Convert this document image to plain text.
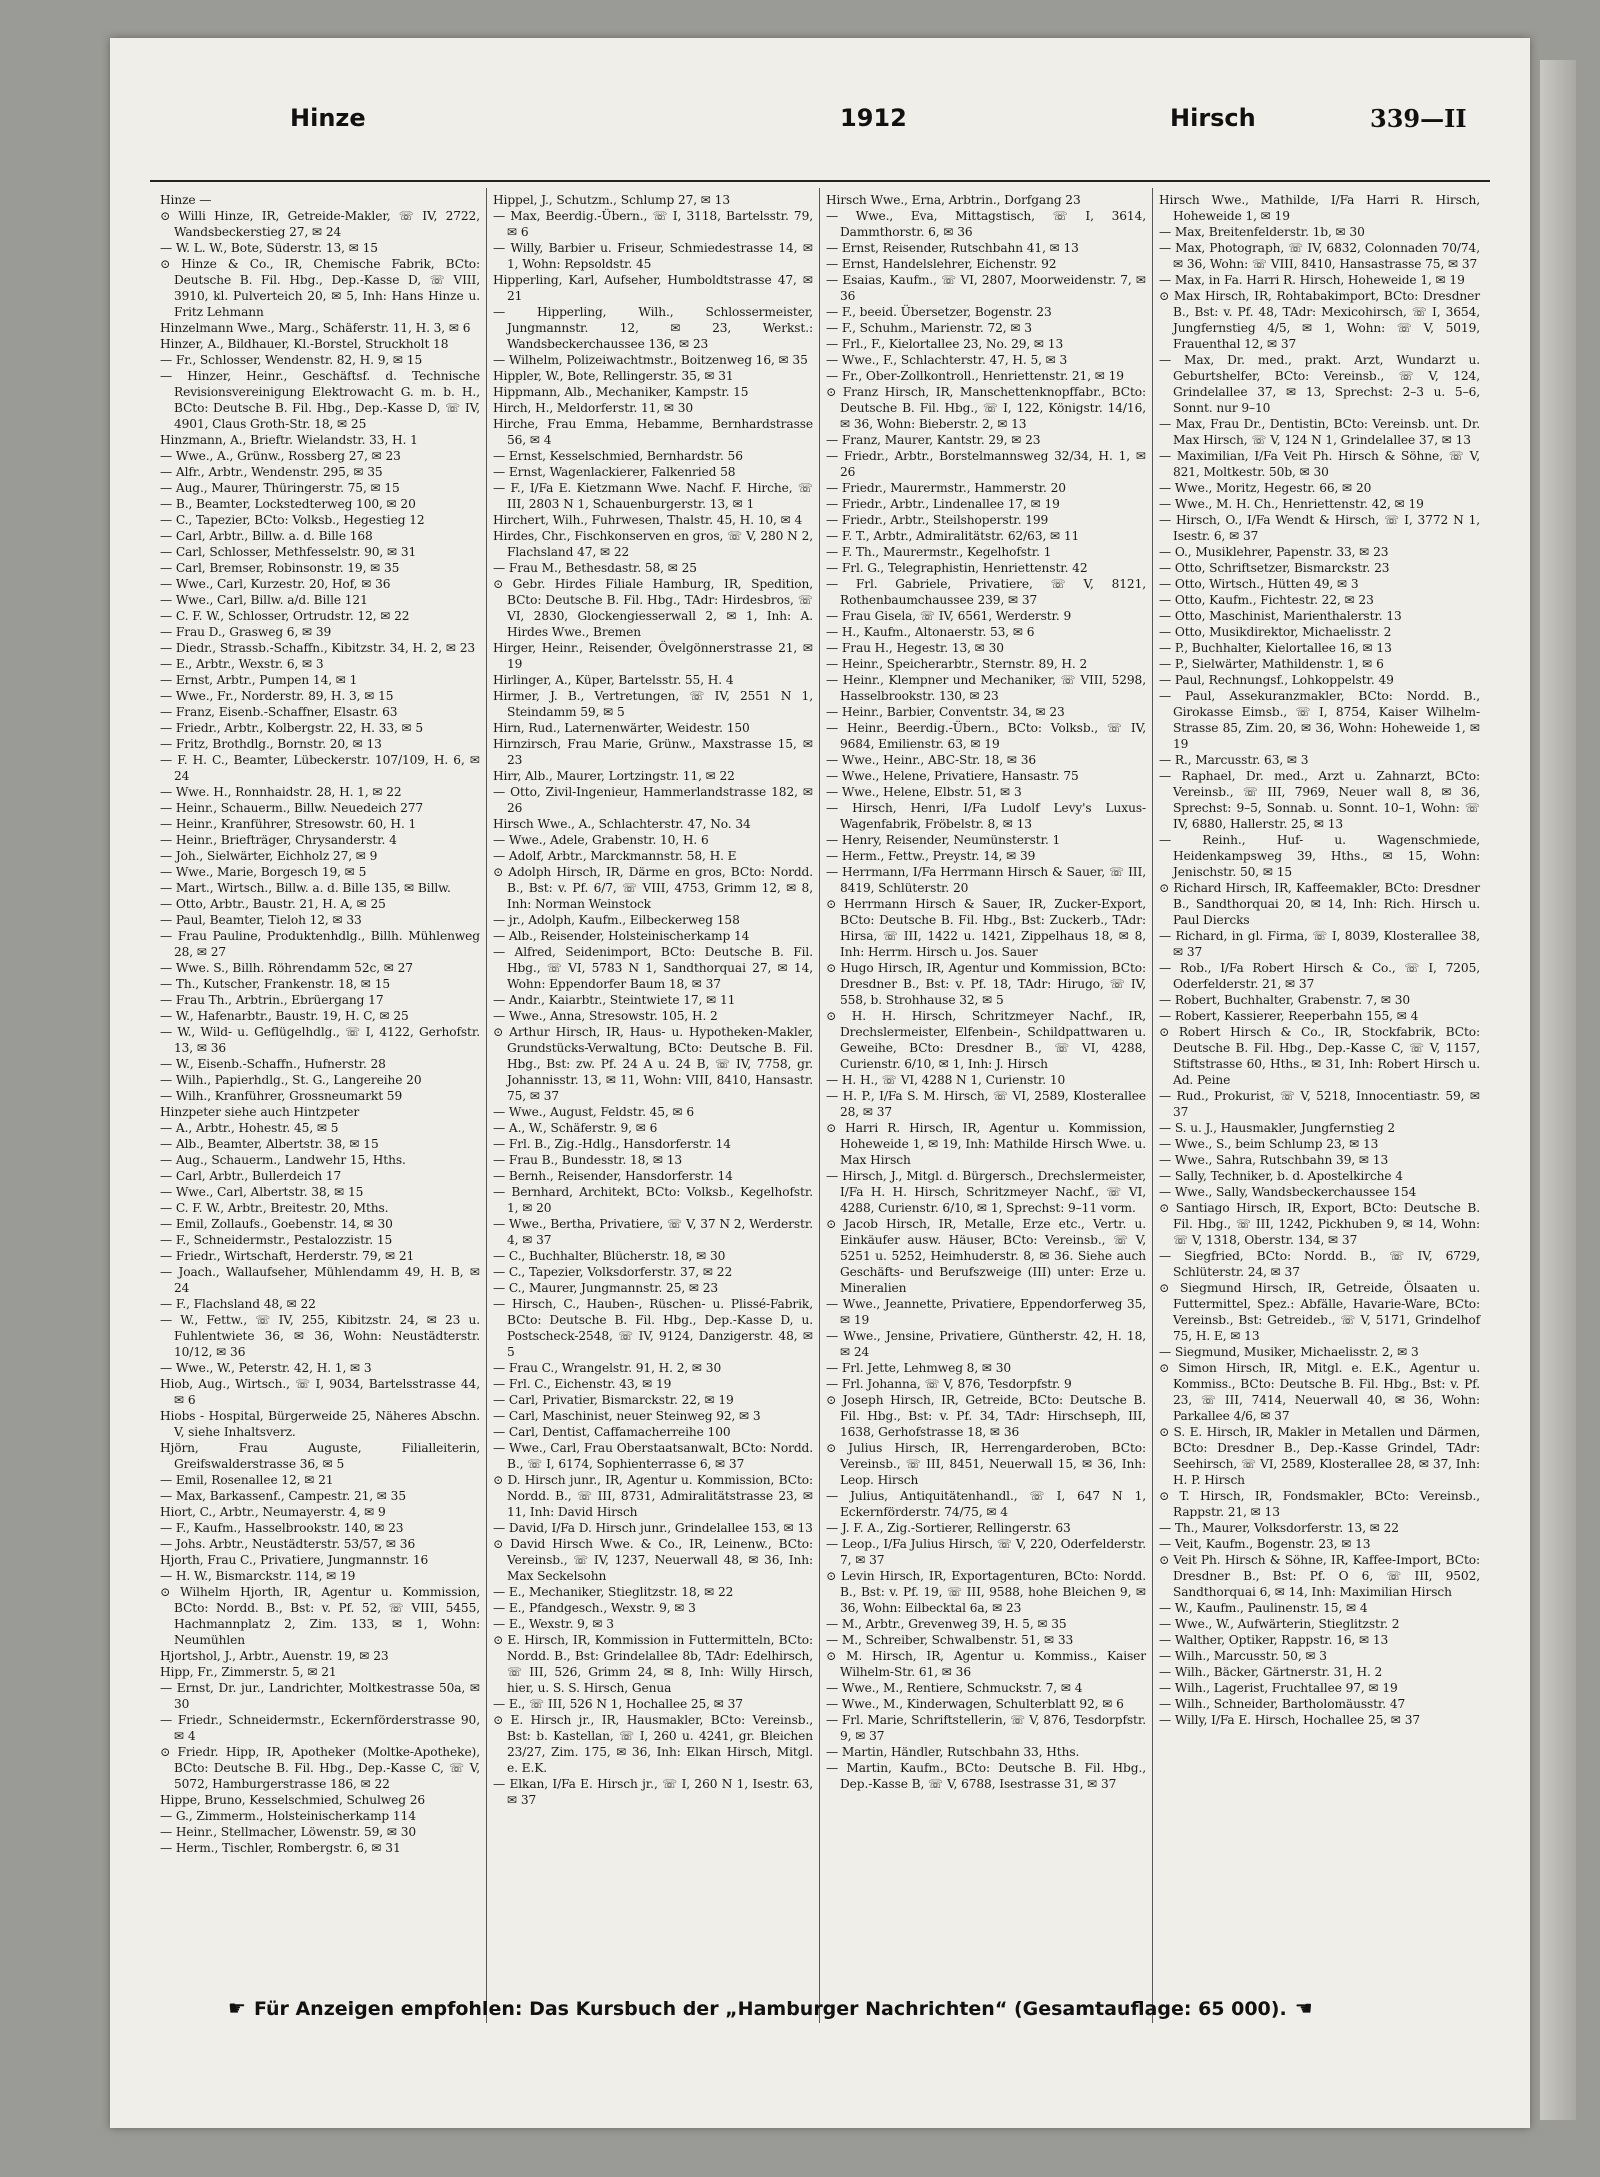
Hinze	1912	Hirsch	339—II

Hinze —

⊙ Willi Hinze, IR, Getreide-Makler, ☏ IV, 2722, Wandsbeckerstieg 27, ✉ 24

— W. L. W., Bote, Süderstr. 13, ✉ 15

⊙ Hinze & Co., IR, Chemische Fabrik, BCto: Deutsche B. Fil. Hbg., Dep.-Kasse D, ☏ VIII, 3910, kl. Pulverteich 20, ✉ 5, Inh: Hans Hinze u. Fritz Lehmann

Hinzelmann Wwe., Marg., Schäferstr. 11, H. 3, ✉ 6

Hinzer, A., Bildhauer, Kl.-Borstel, Struckholt 18

— Fr., Schlosser, Wendenstr. 82, H. 9, ✉ 15

— Hinzer, Heinr., Geschäftsf. d. Technische Revisionsvereinigung Elektrowacht G. m. b. H., BCto: Deutsche B. Fil. Hbg., Dep.-Kasse D, ☏ IV, 4901, Claus Groth-Str. 18, ✉ 25

Hinzmann, A., Brieftr. Wielandstr. 33, H. 1

— Wwe., A., Grünw., Rossberg 27, ✉ 23

— Alfr., Arbtr., Wendenstr. 295, ✉ 35

— Aug., Maurer, Thüringerstr. 75, ✉ 15

— B., Beamter, Lockstedterweg 100, ✉ 20

— C., Tapezier, BCto: Volksb., Hegestieg 12

— Carl, Arbtr., Billw. a. d. Bille 168

— Carl, Schlosser, Methfesselstr. 90, ✉ 31

— Carl, Bremser, Robinsonstr. 19, ✉ 35

— Wwe., Carl, Kurzestr. 20, Hof, ✉ 36

— Wwe., Carl, Billw. a/d. Bille 121

— C. F. W., Schlosser, Ortrudstr. 12, ✉ 22

— Frau D., Grasweg 6, ✉ 39

— Diedr., Strassb.-Schaffn., Kibitzstr. 34, H. 2, ✉ 23

— E., Arbtr., Wexstr. 6, ✉ 3

— Ernst, Arbtr., Pumpen 14, ✉ 1

— Wwe., Fr., Norderstr. 89, H. 3, ✉ 15

— Franz, Eisenb.-Schaffner, Elsastr. 63

— Friedr., Arbtr., Kolbergstr. 22, H. 33, ✉ 5

— Fritz, Brothdlg., Bornstr. 20, ✉ 13

— F. H. C., Beamter, Lübeckerstr. 107/109, H. 6, ✉ 24

— Wwe. H., Ronnhaidstr. 28, H. 1, ✉ 22

— Heinr., Schauerm., Billw. Neuedeich 277

— Heinr., Kranführer, Stresowstr. 60, H. 1

— Heinr., Briefträger, Chrysanderstr. 4

— Joh., Sielwärter, Eichholz 27, ✉ 9

— Wwe., Marie, Borgesch 19, ✉ 5

— Mart., Wirtsch., Billw. a. d. Bille 135, ✉ Billw.

— Otto, Arbtr., Baustr. 21, H. A, ✉ 25

— Paul, Beamter, Tieloh 12, ✉ 33

— Frau Pauline, Produktenhdlg., Billh. Mühlenweg 28, ✉ 27

— Wwe. S., Billh. Röhrendamm 52c, ✉ 27

— Th., Kutscher, Frankenstr. 18, ✉ 15

— Frau Th., Arbtrin., Ebrüergang 17

— W., Hafenarbtr., Baustr. 19, H. C, ✉ 25

— W., Wild- u. Geflügelhdlg., ☏ I, 4122, Gerhofstr. 13, ✉ 36

— W., Eisenb.-Schaffn., Hufnerstr. 28

— Wilh., Papierhdlg., St. G., Langereihe 20

— Wilh., Kranführer, Grossneumarkt 59

Hinzpeter siehe auch Hintzpeter

— A., Arbtr., Hohestr. 45, ✉ 5

— Alb., Beamter, Albertstr. 38, ✉ 15

— Aug., Schauerm., Landwehr 15, Hths.

— Carl, Arbtr., Bullerdeich 17

— Wwe., Carl, Albertstr. 38, ✉ 15

— C. F. W., Arbtr., Breitestr. 20, Mths.

— Emil, Zollaufs., Goebenstr. 14, ✉ 30

— F., Schneidermstr., Pestalozzistr. 15

— Friedr., Wirtschaft, Herderstr. 79, ✉ 21

— Joach., Wallaufseher, Mühlendamm 49, H. B, ✉ 24

— F., Flachsland 48, ✉ 22

— W., Fettw., ☏ IV, 255, Kibitzstr. 24, ✉ 23 u. Fuhlentwiete 36, ✉ 36, Wohn: Neustädterstr. 10/12, ✉ 36

— Wwe., W., Peterstr. 42, H. 1, ✉ 3

Hiob, Aug., Wirtsch., ☏ I, 9034, Bartelsstrasse 44, ✉ 6

Hiobs - Hospital, Bürgerweide 25, Näheres Abschn. V, siehe Inhaltsverz.

Hjörn, Frau Auguste, Filialleiterin, Greifswalderstrasse 36, ✉ 5

— Emil, Rosenallee 12, ✉ 21

— Max, Barkassenf., Campestr. 21, ✉ 35

Hiort, C., Arbtr., Neumayerstr. 4, ✉ 9

— F., Kaufm., Hasselbrookstr. 140, ✉ 23

— Johs. Arbtr., Neustädterstr. 53/57, ✉ 36

Hjorth, Frau C., Privatiere, Jungmannstr. 16

— H. W., Bismarckstr. 114, ✉ 19

⊙ Wilhelm Hjorth, IR, Agentur u. Kommission, BCto: Nordd. B., Bst: v. Pf. 52, ☏ VIII, 5455, Hachmannplatz 2, Zim. 133, ✉ 1, Wohn: Neumühlen

Hjortshol, J., Arbtr., Auenstr. 19, ✉ 23

Hipp, Fr., Zimmerstr. 5, ✉ 21

— Ernst, Dr. jur., Landrichter, Moltkestrasse 50a, ✉ 30

— Friedr., Schneidermstr., Eckernförderstrasse 90, ✉ 4

⊙ Friedr. Hipp, IR, Apotheker (Moltke-Apotheke), BCto: Deutsche B. Fil. Hbg., Dep.-Kasse C, ☏ V, 5072, Hamburgerstrasse 186, ✉ 22

Hippe, Bruno, Kesselschmied, Schulweg 26

— G., Zimmerm., Holsteinischerkamp 114

— Heinr., Stellmacher, Löwenstr. 59, ✉ 30

— Herm., Tischler, Rombergstr. 6, ✉ 31

Hippel, J., Schutzm., Schlump 27, ✉ 13

— Max, Beerdig.-Übern., ☏ I, 3118, Bartelsstr. 79, ✉ 6

— Willy, Barbier u. Friseur, Schmiedestrasse 14, ✉ 1, Wohn: Repsoldstr. 45

Hipperling, Karl, Aufseher, Humboldtstrasse 47, ✉ 21

— Hipperling, Wilh., Schlossermeister, Jungmannstr. 12, ✉ 23, Werkst.: Wandsbeckerchaussee 136, ✉ 23

— Wilhelm, Polizeiwachtmstr., Boitzenweg 16, ✉ 35

Hippler, W., Bote, Rellingerstr. 35, ✉ 31

Hippmann, Alb., Mechaniker, Kampstr. 15

Hirch, H., Meldorferstr. 11, ✉ 30

Hirche, Frau Emma, Hebamme, Bernhardstrasse 56, ✉ 4

— Ernst, Kesselschmied, Bernhardstr. 56

— Ernst, Wagenlackierer, Falkenried 58

— F., I/Fa E. Kietzmann Wwe. Nachf. F. Hirche, ☏ III, 2803 N 1, Schauenburgerstr. 13, ✉ 1

Hirchert, Wilh., Fuhrwesen, Thalstr. 45, H. 10, ✉ 4

Hirdes, Chr., Fischkonserven en gros, ☏ V, 280 N 2, Flachsland 47, ✉ 22

— Frau M., Bethesdastr. 58, ✉ 25

⊙ Gebr. Hirdes Filiale Hamburg, IR, Spedition, BCto: Deutsche B. Fil. Hbg., TAdr: Hirdesbros, ☏ VI, 2830, Glockengiesserwall 2, ✉ 1, Inh: A. Hirdes Wwe., Bremen

Hirger, Heinr., Reisender, Övelgönnerstrasse 21, ✉ 19

Hirlinger, A., Küper, Bartelsstr. 55, H. 4

Hirmer, J. B., Vertretungen, ☏ IV, 2551 N 1, Steindamm 59, ✉ 5

Hirn, Rud., Laternenwärter, Weidestr. 150

Hirnzirsch, Frau Marie, Grünw., Maxstrasse 15, ✉ 23

Hirr, Alb., Maurer, Lortzingstr. 11, ✉ 22

— Otto, Zivil-Ingenieur, Hammerlandstrasse 182, ✉ 26

Hirsch Wwe., A., Schlachterstr. 47, No. 34

— Wwe., Adele, Grabenstr. 10, H. 6

— Adolf, Arbtr., Marckmannstr. 58, H. E

⊙ Adolph Hirsch, IR, Därme en gros, BCto: Nordd. B., Bst: v. Pf. 6/7, ☏ VIII, 4753, Grimm 12, ✉ 8, Inh: Norman Weinstock

— jr., Adolph, Kaufm., Eilbeckerweg 158

— Alb., Reisender, Holsteinischerkamp 14

— Alfred, Seidenimport, BCto: Deutsche B. Fil. Hbg., ☏ VI, 5783 N 1, Sandthorquai 27, ✉ 14, Wohn: Eppendorfer Baum 18, ✉ 37

— Andr., Kaiarbtr., Steintwiete 17, ✉ 11

— Wwe., Anna, Stresowstr. 105, H. 2

⊙ Arthur Hirsch, IR, Haus- u. Hypotheken-Makler, Grundstücks-Verwaltung, BCto: Deutsche B. Fil. Hbg., Bst: zw. Pf. 24 A u. 24 B, ☏ IV, 7758, gr. Johannisstr. 13, ✉ 11, Wohn: VIII, 8410, Hansastr. 75, ✉ 37

— Wwe., August, Feldstr. 45, ✉ 6

— A., W., Schäferstr. 9, ✉ 6

— Frl. B., Zig.-Hdlg., Hansdorferstr. 14

— Frau B., Bundesstr. 18, ✉ 13

— Bernh., Reisender, Hansdorferstr. 14

— Bernhard, Architekt, BCto: Volksb., Kegelhofstr. 1, ✉ 20

— Wwe., Bertha, Privatiere, ☏ V, 37 N 2, Werderstr. 4, ✉ 37

— C., Buchhalter, Blücherstr. 18, ✉ 30

— C., Tapezier, Volksdorferstr. 37, ✉ 22

— C., Maurer, Jungmannstr. 25, ✉ 23

— Hirsch, C., Hauben-, Rüschen- u. Plissé-Fabrik, BCto: Deutsche B. Fil. Hbg., Dep.-Kasse D, u. Postscheck-2548, ☏ IV, 9124, Danzigerstr. 48, ✉ 5

— Frau C., Wrangelstr. 91, H. 2, ✉ 30

— Frl. C., Eichenstr. 43, ✉ 19

— Carl, Privatier, Bismarckstr. 22, ✉ 19

— Carl, Maschinist, neuer Steinweg 92, ✉ 3

— Carl, Dentist, Caffamacherreihe 100

— Wwe., Carl, Frau Oberstaatsanwalt, BCto: Nordd. B., ☏ I, 6174, Sophienterrasse 6, ✉ 37

⊙ D. Hirsch junr., IR, Agentur u. Kommission, BCto: Nordd. B., ☏ III, 8731, Admiralitätstrasse 23, ✉ 11, Inh: David Hirsch

— David, I/Fa D. Hirsch junr., Grindelallee 153, ✉ 13

⊙ David Hirsch Wwe. & Co., IR, Leinenw., BCto: Vereinsb., ☏ IV, 1237, Neuerwall 48, ✉ 36, Inh: Max Seckelsohn

— E., Mechaniker, Stieglitzstr. 18, ✉ 22

— E., Pfandgesch., Wexstr. 9, ✉ 3

— E., Wexstr. 9, ✉ 3

⊙ E. Hirsch, IR, Kommission in Futtermitteln, BCto: Nordd. B., Bst: Grindelallee 8b, TAdr: Edelhirsch, ☏ III, 526, Grimm 24, ✉ 8, Inh: Willy Hirsch, hier, u. S. S. Hirsch, Genua

— E., ☏ III, 526 N 1, Hochallee 25, ✉ 37

⊙ E. Hirsch jr., IR, Hausmakler, BCto: Vereinsb., Bst: b. Kastellan, ☏ I, 260 u. 4241, gr. Bleichen 23/27, Zim. 175, ✉ 36, Inh: Elkan Hirsch, Mitgl. e. E.K.

— Elkan, I/Fa E. Hirsch jr., ☏ I, 260 N 1, Isestr. 63, ✉ 37

Hirsch Wwe., Erna, Arbtrin., Dorfgang 23

— Wwe., Eva, Mittagstisch, ☏ I, 3614, Dammthorstr. 6, ✉ 36

— Ernst, Reisender, Rutschbahn 41, ✉ 13

— Ernst, Handelslehrer, Eichenstr. 92

— Esaias, Kaufm., ☏ VI, 2807, Moorweidenstr. 7, ✉ 36

— F., beeid. Übersetzer, Bogenstr. 23

— F., Schuhm., Marienstr. 72, ✉ 3

— Frl., F., Kielortallee 23, No. 29, ✉ 13

— Wwe., F., Schlachterstr. 47, H. 5, ✉ 3

— Fr., Ober-Zollkontroll., Henriettenstr. 21, ✉ 19

⊙ Franz Hirsch, IR, Manschettenknopffabr., BCto: Deutsche B. Fil. Hbg., ☏ I, 122, Königstr. 14/16, ✉ 36, Wohn: Bieberstr. 2, ✉ 13

— Franz, Maurer, Kantstr. 29, ✉ 23

— Friedr., Arbtr., Borstelmannsweg 32/34, H. 1, ✉ 26

— Friedr., Maurermstr., Hammerstr. 20

— Friedr., Arbtr., Lindenallee 17, ✉ 19

— Friedr., Arbtr., Steilshoperstr. 199

— F. T., Arbtr., Admiralitätstr. 62/63, ✉ 11

— F. Th., Maurermstr., Kegelhofstr. 1

— Frl. G., Telegraphistin, Henriettenstr. 42

— Frl. Gabriele, Privatiere, ☏ V, 8121, Rothenbaumchaussee 239, ✉ 37

— Frau Gisela, ☏ IV, 6561, Werderstr. 9

— H., Kaufm., Altonaerstr. 53, ✉ 6

— Frau H., Hegestr. 13, ✉ 30

— Heinr., Speicherarbtr., Sternstr. 89, H. 2

— Heinr., Klempner und Mechaniker, ☏ VIII, 5298, Hasselbrookstr. 130, ✉ 23

— Heinr., Barbier, Conventstr. 34, ✉ 23

— Heinr., Beerdig.-Übern., BCto: Volksb., ☏ IV, 9684, Emilienstr. 63, ✉ 19

— Wwe., Heinr., ABC-Str. 18, ✉ 36

— Wwe., Helene, Privatiere, Hansastr. 75

— Wwe., Helene, Elbstr. 51, ✉ 3

— Hirsch, Henri, I/Fa Ludolf Levy's Luxus-Wagenfabrik, Fröbelstr. 8, ✉ 13

— Henry, Reisender, Neumünsterstr. 1

— Herm., Fettw., Preystr. 14, ✉ 39

— Herrmann, I/Fa Herrmann Hirsch & Sauer, ☏ III, 8419, Schlüterstr. 20

⊙ Herrmann Hirsch & Sauer, IR, Zucker-Export, BCto: Deutsche B. Fil. Hbg., Bst: Zuckerb., TAdr: Hirsa, ☏ III, 1422 u. 1421, Zippelhaus 18, ✉ 8, Inh: Herrm. Hirsch u. Jos. Sauer

⊙ Hugo Hirsch, IR, Agentur und Kommission, BCto: Dresdner B., Bst: v. Pf. 18, TAdr: Hirugo, ☏ IV, 558, b. Strohhause 32, ✉ 5

⊙ H. H. Hirsch, Schritzmeyer Nachf., IR, Drechslermeister, Elfenbein-, Schildpattwaren u. Geweihe, BCto: Dresdner B., ☏ VI, 4288, Curienstr. 6/10, ✉ 1, Inh: J. Hirsch

— H. H., ☏ VI, 4288 N 1, Curienstr. 10

— H. P., I/Fa S. M. Hirsch, ☏ VI, 2589, Klosterallee 28, ✉ 37

⊙ Harri R. Hirsch, IR, Agentur u. Kommission, Hoheweide 1, ✉ 19, Inh: Mathilde Hirsch Wwe. u. Max Hirsch

— Hirsch, J., Mitgl. d. Bürgersch., Drechslermeister, I/Fa H. H. Hirsch, Schritzmeyer Nachf., ☏ VI, 4288, Curienstr. 6/10, ✉ 1, Sprechst: 9–11 vorm.

⊙ Jacob Hirsch, IR, Metalle, Erze etc., Vertr. u. Einkäufer ausw. Häuser, BCto: Vereinsb., ☏ V, 5251 u. 5252, Heimhuderstr. 8, ✉ 36. Siehe auch Geschäfts- und Berufszweige (III) unter: Erze u. Mineralien

— Wwe., Jeannette, Privatiere, Eppendorferweg 35, ✉ 19

— Wwe., Jensine, Privatiere, Güntherstr. 42, H. 18, ✉ 24

— Frl. Jette, Lehmweg 8, ✉ 30

— Frl. Johanna, ☏ V, 876, Tesdorpfstr. 9

⊙ Joseph Hirsch, IR, Getreide, BCto: Deutsche B. Fil. Hbg., Bst: v. Pf. 34, TAdr: Hirschseph, III, 1638, Gerhofstrasse 18, ✉ 36

⊙ Julius Hirsch, IR, Herrengarderoben, BCto: Vereinsb., ☏ III, 8451, Neuerwall 15, ✉ 36, Inh: Leop. Hirsch

— Julius, Antiquitätenhandl., ☏ I, 647 N 1, Eckernförderstr. 74/75, ✉ 4

— J. F. A., Zig.-Sortierer, Rellingerstr. 63

— Leop., I/Fa Julius Hirsch, ☏ V, 220, Oderfelderstr. 7, ✉ 37

⊙ Levin Hirsch, IR, Exportagenturen, BCto: Nordd. B., Bst: v. Pf. 19, ☏ III, 9588, hohe Bleichen 9, ✉ 36, Wohn: Eilbecktal 6a, ✉ 23

— M., Arbtr., Grevenweg 39, H. 5, ✉ 35

— M., Schreiber, Schwalbenstr. 51, ✉ 33

⊙ M. Hirsch, IR, Agentur u. Kommiss., Kaiser Wilhelm-Str. 61, ✉ 36

— Wwe., M., Rentiere, Schmuckstr. 7, ✉ 4

— Wwe., M., Kinderwagen, Schulterblatt 92, ✉ 6

— Frl. Marie, Schriftstellerin, ☏ V, 876, Tesdorpfstr. 9, ✉ 37

— Martin, Händler, Rutschbahn 33, Hths.

— Martin, Kaufm., BCto: Deutsche B. Fil. Hbg., Dep.-Kasse B, ☏ V, 6788, Isestrasse 31, ✉ 37

Hirsch Wwe., Mathilde, I/Fa Harri R. Hirsch, Hoheweide 1, ✉ 19

— Max, Breitenfelderstr. 1b, ✉ 30

— Max, Photograph, ☏ IV, 6832, Colonnaden 70/74, ✉ 36, Wohn: ☏ VIII, 8410, Hansastrasse 75, ✉ 37

— Max, in Fa. Harri R. Hirsch, Hoheweide 1, ✉ 19

⊙ Max Hirsch, IR, Rohtabakimport, BCto: Dresdner B., Bst: v. Pf. 48, TAdr: Mexicohirsch, ☏ I, 3654, Jungfernstieg 4/5, ✉ 1, Wohn: ☏ V, 5019, Frauenthal 12, ✉ 37

— Max, Dr. med., prakt. Arzt, Wundarzt u. Geburtshelfer, BCto: Vereinsb., ☏ V, 124, Grindelallee 37, ✉ 13, Sprechst: 2–3 u. 5–6, Sonnt. nur 9–10

— Max, Frau Dr., Dentistin, BCto: Vereinsb. unt. Dr. Max Hirsch, ☏ V, 124 N 1, Grindelallee 37, ✉ 13

— Maximilian, I/Fa Veit Ph. Hirsch & Söhne, ☏ V, 821, Moltkestr. 50b, ✉ 30

— Wwe., Moritz, Hegestr. 66, ✉ 20

— Wwe., M. H. Ch., Henriettenstr. 42, ✉ 19

— Hirsch, O., I/Fa Wendt & Hirsch, ☏ I, 3772 N 1, Isestr. 6, ✉ 37

— O., Musiklehrer, Papenstr. 33, ✉ 23

— Otto, Schriftsetzer, Bismarckstr. 23

— Otto, Wirtsch., Hütten 49, ✉ 3

— Otto, Kaufm., Fichtestr. 22, ✉ 23

— Otto, Maschinist, Marienthalerstr. 13

— Otto, Musikdirektor, Michaelisstr. 2

— P., Buchhalter, Kielortallee 16, ✉ 13

— P., Sielwärter, Mathildenstr. 1, ✉ 6

— Paul, Rechnungsf., Lohkoppelstr. 49

— Paul, Assekuranzmakler, BCto: Nordd. B., Girokasse Eimsb., ☏ I, 8754, Kaiser Wilhelm-Strasse 85, Zim. 20, ✉ 36, Wohn: Hoheweide 1, ✉ 19

— R., Marcusstr. 63, ✉ 3

— Raphael, Dr. med., Arzt u. Zahnarzt, BCto: Vereinsb., ☏ III, 7969, Neuer wall 8, ✉ 36, Sprechst: 9–5, Sonnab. u. Sonnt. 10–1, Wohn: ☏ IV, 6880, Hallerstr. 25, ✉ 13

— Reinh., Huf- u. Wagenschmiede, Heidenkampsweg 39, Hths., ✉ 15, Wohn: Jenischstr. 50, ✉ 15

⊙ Richard Hirsch, IR, Kaffeemakler, BCto: Dresdner B., Sandthorquai 20, ✉ 14, Inh: Rich. Hirsch u. Paul Diercks

— Richard, in gl. Firma, ☏ I, 8039, Klosterallee 38, ✉ 37

— Rob., I/Fa Robert Hirsch & Co., ☏ I, 7205, Oderfelderstr. 21, ✉ 37

— Robert, Buchhalter, Grabenstr. 7, ✉ 30

— Robert, Kassierer, Reeperbahn 155, ✉ 4

⊙ Robert Hirsch & Co., IR, Stockfabrik, BCto: Deutsche B. Fil. Hbg., Dep.-Kasse C, ☏ V, 1157, Stiftstrasse 60, Hths., ✉ 31, Inh: Robert Hirsch u. Ad. Peine

— Rud., Prokurist, ☏ V, 5218, Innocentiastr. 59, ✉ 37

— S. u. J., Hausmakler, Jungfernstieg 2

— Wwe., S., beim Schlump 23, ✉ 13

— Wwe., Sahra, Rutschbahn 39, ✉ 13

— Sally, Techniker, b. d. Apostelkirche 4

— Wwe., Sally, Wandsbeckerchaussee 154

⊙ Santiago Hirsch, IR, Export, BCto: Deutsche B. Fil. Hbg., ☏ III, 1242, Pickhuben 9, ✉ 14, Wohn: ☏ V, 1318, Oberstr. 134, ✉ 37

— Siegfried, BCto: Nordd. B., ☏ IV, 6729, Schlüterstr. 24, ✉ 37

⊙ Siegmund Hirsch, IR, Getreide, Ölsaaten u. Futtermittel, Spez.: Abfälle, Havarie-Ware, BCto: Vereinsb., Bst: Getreideb., ☏ V, 5171, Grindelhof 75, H. E, ✉ 13

— Siegmund, Musiker, Michaelisstr. 2, ✉ 3

⊙ Simon Hirsch, IR, Mitgl. e. E.K., Agentur u. Kommiss., BCto: Deutsche B. Fil. Hbg., Bst: v. Pf. 23, ☏ III, 7414, Neuerwall 40, ✉ 36, Wohn: Parkallee 4/6, ✉ 37

⊙ S. E. Hirsch, IR, Makler in Metallen und Därmen, BCto: Dresdner B., Dep.-Kasse Grindel, TAdr: Seehirsch, ☏ VI, 2589, Klosterallee 28, ✉ 37, Inh: H. P. Hirsch

⊙ T. Hirsch, IR, Fondsmakler, BCto: Vereinsb., Rappstr. 21, ✉ 13

— Th., Maurer, Volksdorferstr. 13, ✉ 22

— Veit, Kaufm., Bogenstr. 23, ✉ 13

⊙ Veit Ph. Hirsch & Söhne, IR, Kaffee-Import, BCto: Dresdner B., Bst: Pf. O 6, ☏ III, 9502, Sandthorquai 6, ✉ 14, Inh: Maximilian Hirsch

— W., Kaufm., Paulinenstr. 15, ✉ 4

— Wwe., W., Aufwärterin, Stieglitzstr. 2

— Walther, Optiker, Rappstr. 16, ✉ 13

— Wilh., Marcusstr. 50, ✉ 3

— Wilh., Bäcker, Gärtnerstr. 31, H. 2

— Wilh., Lagerist, Fruchtallee 97, ✉ 19

— Wilh., Schneider, Bartholomäusstr. 47

— Willy, I/Fa E. Hirsch, Hochallee 25, ✉ 37

☛ Für Anzeigen empfohlen: Das Kursbuch der „Hamburger Nachrichten“ (Gesamtauflage: 65 000). ☚
